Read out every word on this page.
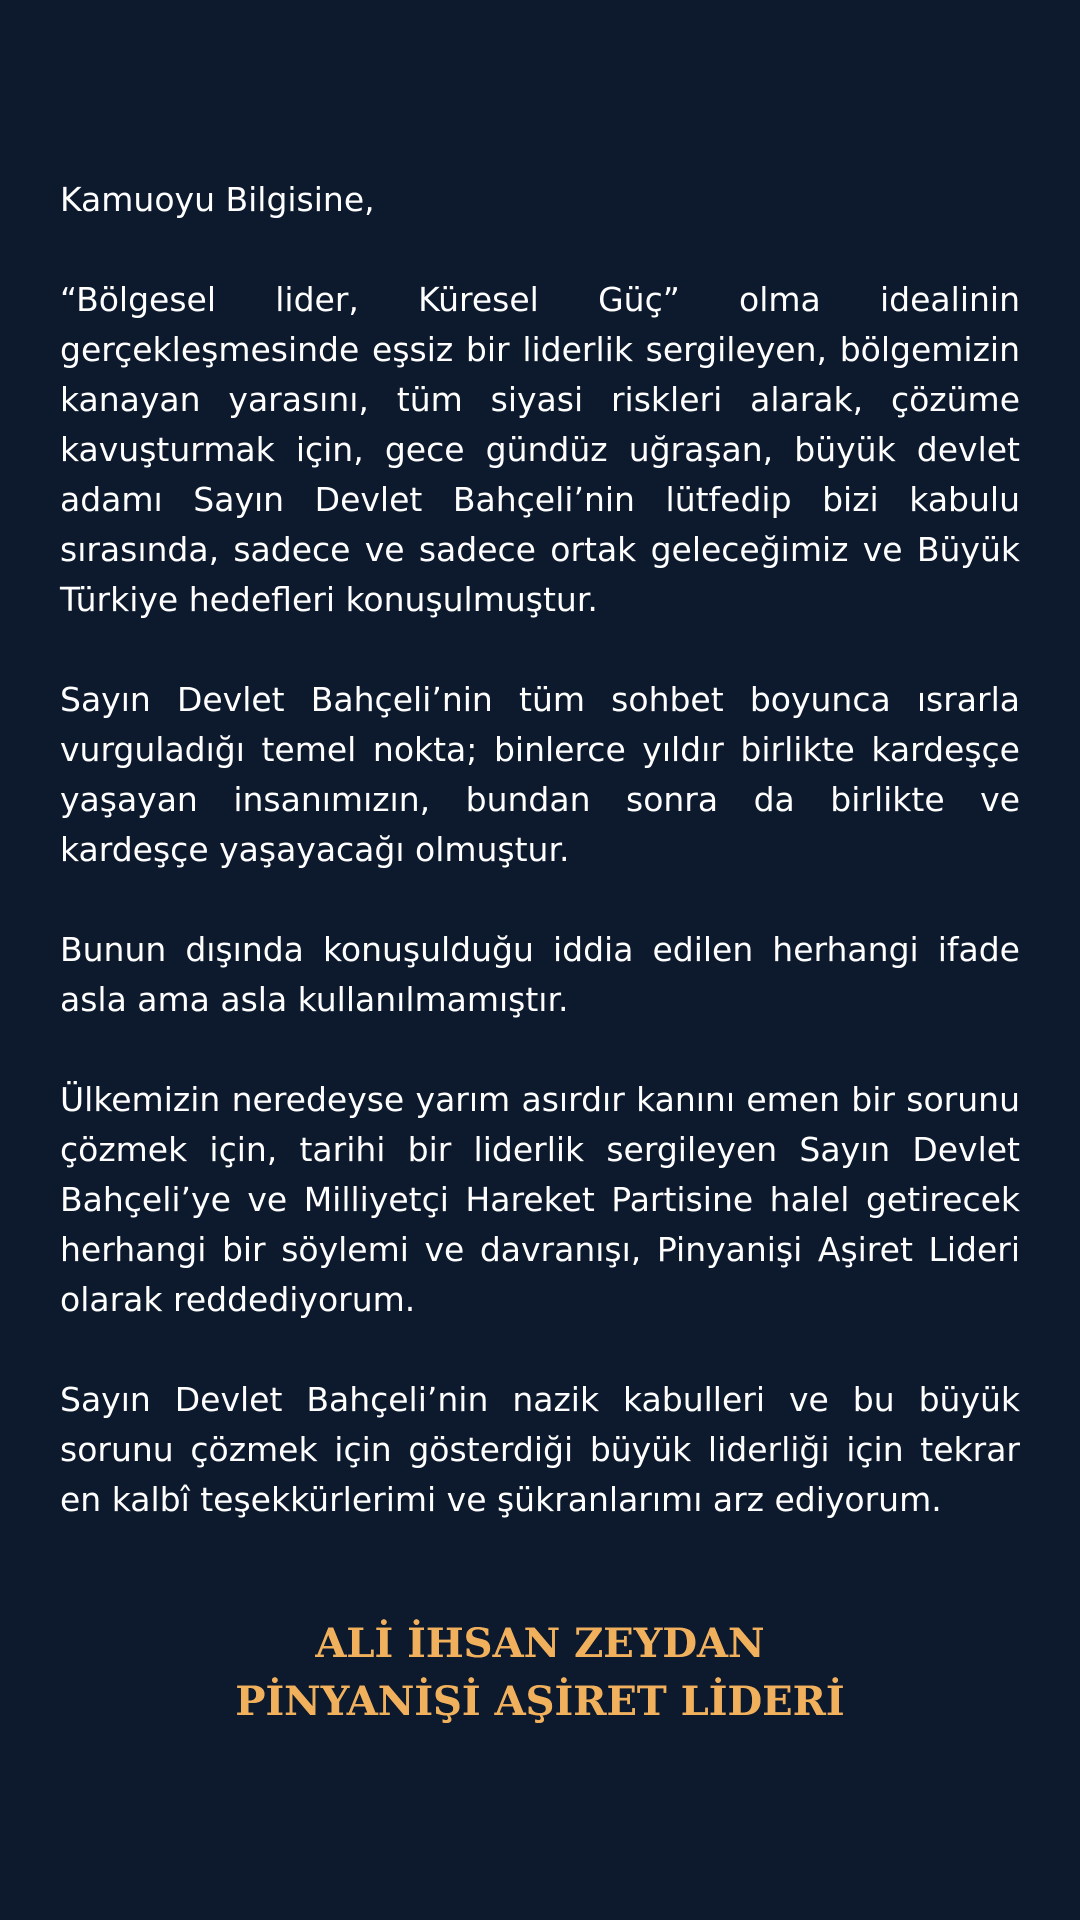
Kamuoyu Bilgisine,

“Bölgesel lider, Küresel Güç” olma idealinin gerçekleşmesinde eşsiz bir liderlik sergileyen, bölgemizin kanayan yarasını, tüm siyasi riskleri alarak, çözüme kavuşturmak için, gece gündüz uğraşan, büyük devlet adamı Sayın Devlet Bahçeli’nin lütfedip bizi kabulu sırasında, sadece ve sadece ortak geleceğimiz ve Büyük Türkiye hedefleri konuşulmuştur.

Sayın Devlet Bahçeli’nin tüm sohbet boyunca ısrarla vurguladığı temel nokta; binlerce yıldır birlikte kardeşçe yaşayan insanımızın, bundan sonra da birlikte ve kardeşçe yaşayacağı olmuştur.

Bunun dışında konuşulduğu iddia edilen herhangi ifade asla ama asla kullanılmamıştır.

Ülkemizin neredeyse yarım asırdır kanını emen bir sorunu çözmek için, tarihi bir liderlik sergileyen Sayın Devlet Bahçeli’ye ve Milliyetçi Hareket Partisine halel getirecek herhangi bir söylemi ve davranışı, Pinyanişi Aşiret Lideri olarak reddediyorum.

Sayın Devlet Bahçeli’nin nazik kabulleri ve bu büyük sorunu çözmek için gösterdiği büyük liderliği için tekrar en kalbî teşekkürlerimi ve şükranlarımı arz ediyorum.

ALİ İHSAN ZEYDAN
PİNYANİŞİ AŞİRET LİDERİ
